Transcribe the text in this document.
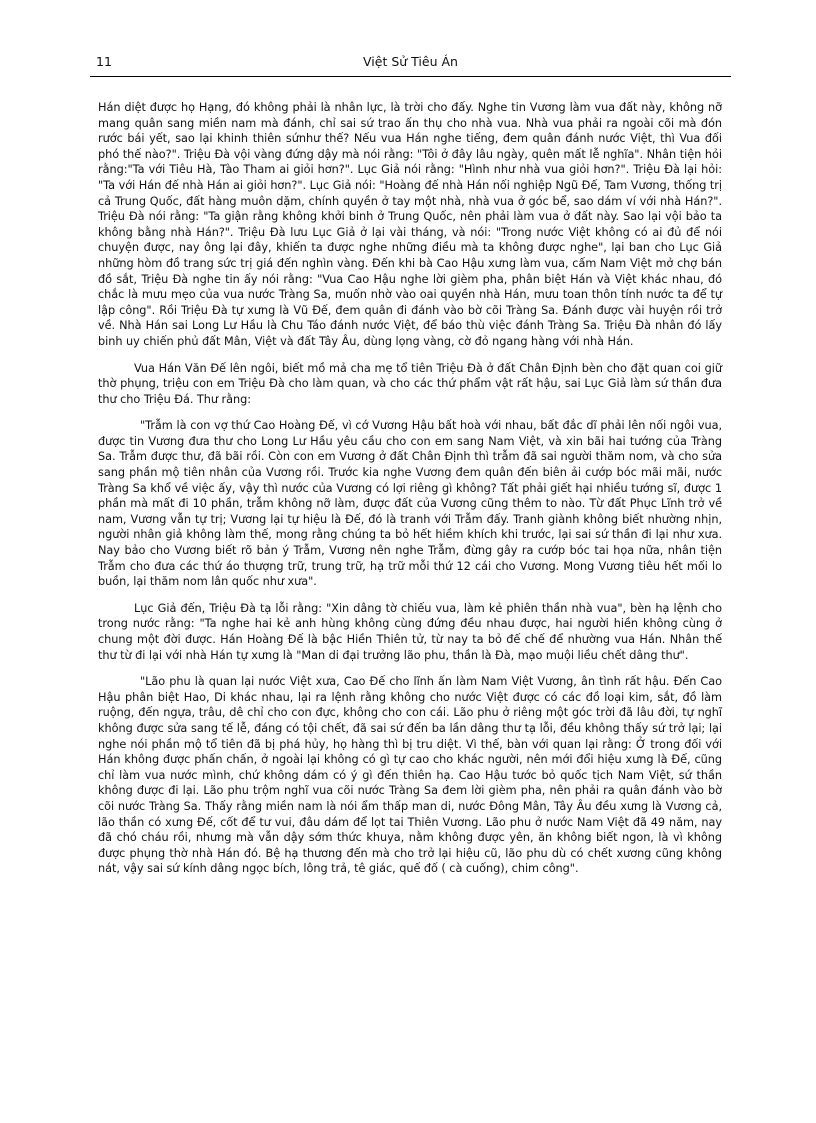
11	Việt Sử Tiêu Án

Hán diệt được họ Hạng, đó không phải là nhân lực, là trời cho đấy. Nghe tin Vương làm vua đất này, không nỡ mang quân sang miền nam mà đánh, chỉ sai sứ trao ấn thụ cho nhà vua. Nhà vua phải ra ngoài cõi mà đón rước bái yết, sao lại khinh thiên sứnhư thế? Nếu vua Hán nghe tiếng, đem quân đánh nước Việt, thì Vua đối phó thế nào?". Triệu Đà vội vàng đứng dậy mà nói rằng: "Tôi ở đây lâu ngày, quên mất lễ nghĩa". Nhân tiện hỏi rằng:"Ta với Tiêu Hà, Tào Tham ai giỏi hơn?". Lục Giả nói rằng: "Hình như nhà vua giỏi hơn?". Triệu Đà lại hỏi: "Ta với Hán đế nhà Hán ai giỏi hơn?". Lục Giả nói: "Hoàng đế nhà Hán nối nghiệp Ngũ Đế, Tam Vương, thống trị cả Trung Quốc, đất hàng muôn dặm, chính quyền ở tay một nhà, nhà vua ở góc bể, sao dám ví với nhà Hán?". Triệu Đà nói rằng: "Ta giận rằng không khởi binh ở Trung Quốc, nên phải làm vua ở đất này. Sao lại vội bảo ta không bằng nhà Hán?". Triệu Đà lưu Lục Giả ở lại vài tháng, và nói: "Trong nước Việt không có ai đủ để nói chuyện được, nay ông lại đây, khiến ta được nghe những điều mà ta không được nghe", lại ban cho Lục Giả những hòm đồ trang sức trị giá đến nghìn vàng. Đến khi bà Cao Hậu xưng làm vua, cấm Nam Việt mở chợ bán đồ sắt, Triệu Đà nghe tin ấy nói rằng: "Vua Cao Hậu nghe lời gièm pha, phân biệt Hán và Việt khác nhau, đó chắc là mưu mẹo của vua nước Tràng Sa, muốn nhờ vào oai quyền nhà Hán, mưu toan thôn tính nước ta để tự lập công". Rồi Triệu Đà tự xưng là Vũ Đế, đem quân đi đánh vào bờ cõi Tràng Sa. Đánh được vài huyện rồi trở về. Nhà Hán sai Long Lư Hầu là Chu Táo đánh nước Việt, để báo thù việc đánh Tràng Sa. Triệu Đà nhân đó lấy binh uy chiến phủ đất Mân, Việt và đất Tây Âu, dùng lọng vàng, cờ đỏ ngang hàng với nhà Hán.

Vua Hán Văn Đế lên ngôi, biết mồ mả cha mẹ tổ tiên Triệu Đà ở đất Chân Định bèn cho đặt quan coi giữ thờ phụng, triệu con em Triệu Đà cho làm quan, và cho các thứ phẩm vật rất hậu, sai Lục Giả làm sứ thần đưa thư cho Triệu Đá. Thư rằng:

"Trẫm là con vợ thứ Cao Hoàng Đế, vì cớ Vương Hậu bất hoà với nhau, bất đắc dĩ phải lên nối ngôi vua, được tin Vương đưa thư cho Long Lư Hầu yêu cầu cho con em sang Nam Việt, và xin bãi hai tướng của Tràng Sa. Trẫm được thư, đã bãi rồi. Còn con em Vương ở đất Chân Định thì trẫm đã sai người thăm nom, và cho sửa sang phần mộ tiên nhân của Vương rồi. Trước kia nghe Vương đem quân đến biên ải cướp bóc mãi mãi, nước Tràng Sa khổ về việc ấy, vậy thì nước của Vương có lợi riêng gì không? Tất phải giết hại nhiều tướng sĩ, được 1 phần mà mất đi 10 phần, trẫm không nỡ làm, được đất của Vương cũng thêm to nào. Từ đất Phục Lĩnh trở về nam, Vương vẫn tự trị; Vương lại tự hiệu là Đế, đó là tranh với Trẫm đấy. Tranh giành không biết nhường nhịn, người nhân giả không làm thế, mong rằng chúng ta bỏ hết hiềm khích khi trước, lại sai sứ thần đi lại như xưa. Nay bảo cho Vương biết rõ bản ý Trẫm, Vương nên nghe Trẫm, đừng gây ra cướp bóc tai họa nữa, nhân tiện Trẫm cho đưa các thứ áo thượng trữ, trung trữ, hạ trữ mỗi thứ 12 cái cho Vương. Mong Vương tiêu hết mối lo buồn, lại thăm nom lân quốc như xưa".

Lục Giả đến, Triệu Đà tạ lỗi rằng: "Xin dâng tờ chiếu vua, làm kẻ phiên thần nhà vua", bèn hạ lệnh cho trong nước rằng: "Ta nghe hai kẻ anh hùng không cùng đứng đều nhau được, hai người hiền không cùng ở chung một đời được. Hán Hoàng Đế là bậc Hiền Thiên tử, từ nay ta bỏ đế chế để nhường vua Hán. Nhân thế thư từ đi lại với nhà Hán tự xưng là "Man di đại trưởng lão phu, thần là Đà, mạo muội liều chết dâng thư".

"Lão phu là quan lại nước Việt xưa, Cao Đế cho lĩnh ấn làm Nam Việt Vương, ân tình rất hậu. Đến Cao Hậu phân biệt Hao, Di khác nhau, lại ra lệnh rằng không cho nước Việt được có các đồ loại kim, sắt, đồ làm ruộng, đến ngựa, trâu, dê chỉ cho con đực, không cho con cái. Lão phu ở riêng một góc trời đã lâu đời, tự nghĩ không được sửa sang tế lễ, đáng có tội chết, đã sai sứ đến ba lần dâng thư tạ lỗi, đều không thấy sứ trở lại; lại nghe nói phần mộ tổ tiên đã bị phá hủy, họ hàng thì bị tru diệt. Vì thế, bàn với quan lại rằng: Ở trong đối với Hán không được phấn chấn, ở ngoài lại không có gì tự cao cho khác người, nên mới đổi hiệu xưng là Đế, cũng chỉ làm vua nước mình, chứ không dám có ý gì đến thiên hạ. Cao Hậu tước bỏ quốc tịch Nam Việt, sứ thần không được đi lại. Lão phu trộm nghĩ vua cõi nước Tràng Sa đem lời gièm pha, nên phải ra quân đánh vào bờ cõi nước Tràng Sa. Thấy rằng miền nam là nói ẩm thấp man di, nước Đông Mân, Tây Âu đều xưng là Vương cả, lão thần có xưng Đế, cốt để tư vui, đâu dám để lọt tai Thiên Vương. Lão phu ở nước Nam Việt đã 49 năm, nay đã chó cháu rồi, nhưng mà vẫn dậy sớm thức khuya, nằm không được yên, ăn không biết ngon, là vì không được phụng thờ nhà Hán đó. Bệ hạ thương đến mà cho trở lại hiệu cũ, lão phu dù có chết xương cũng không nát, vậy sai sứ kính dâng ngọc bích, lông trả, tê giác, quế đố ( cà cuống), chim công".
